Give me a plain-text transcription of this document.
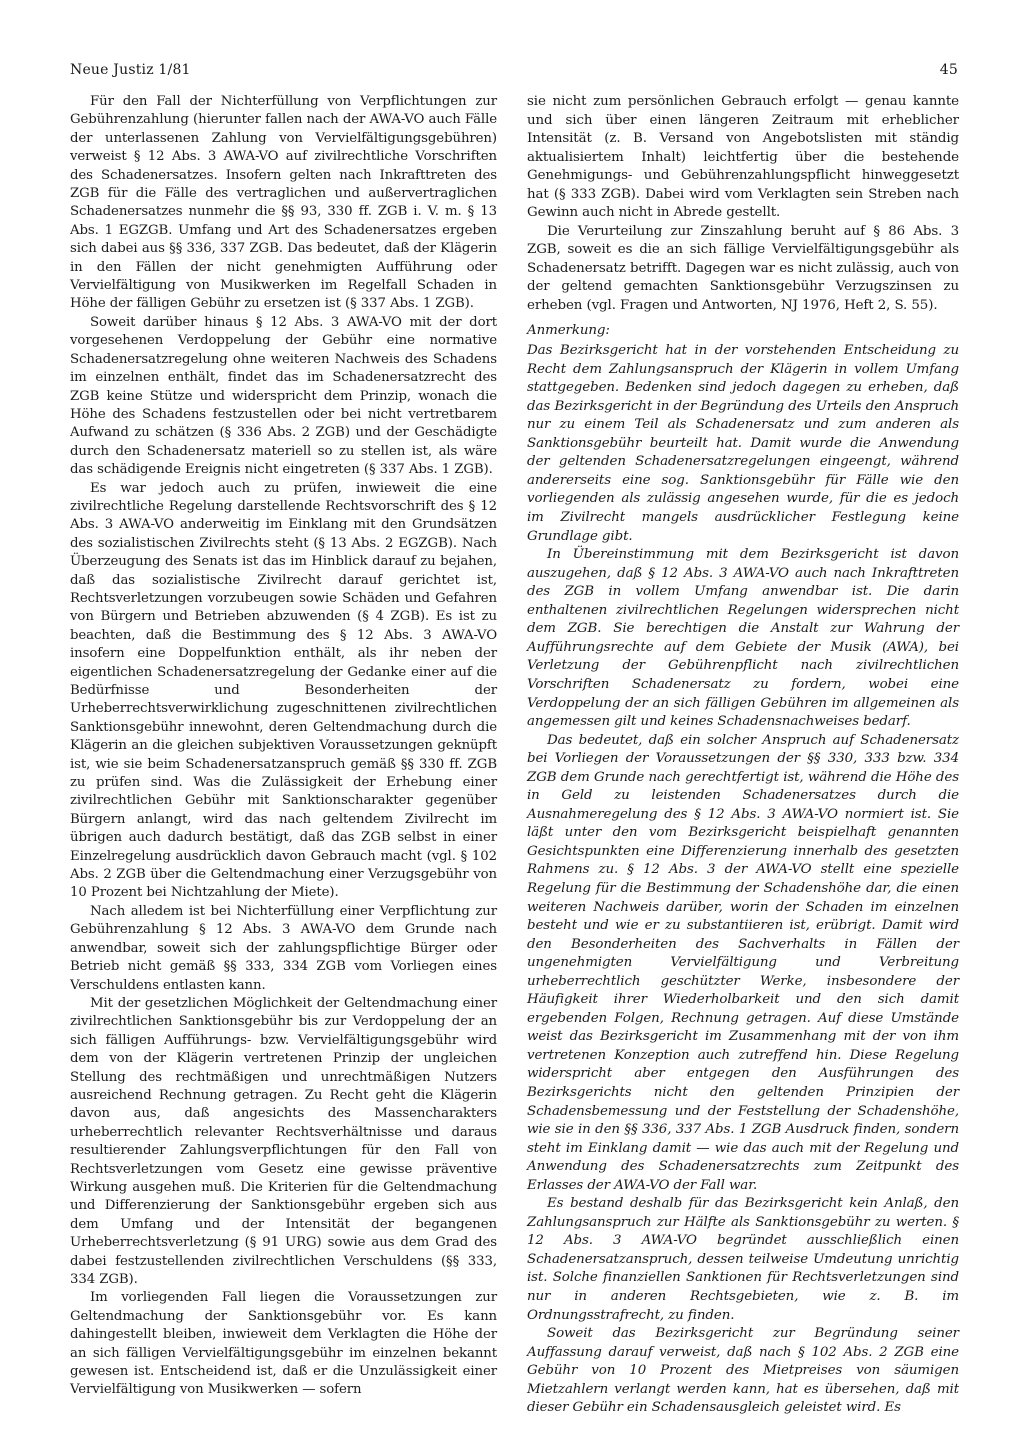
Neue Justiz 1/81	45

Für den Fall der Nichterfüllung von Verpflichtungen zur Gebührenzahlung (hierunter fallen nach der AWA-VO auch Fälle der unterlassenen Zahlung von Vervielfältigungsgebühren) verweist § 12 Abs. 3 AWA-VO auf zivilrechtliche Vorschriften des Schadenersatzes. Insofern gelten nach Inkrafttreten des ZGB für die Fälle des vertraglichen und außervertraglichen Schadenersatzes nunmehr die §§ 93, 330 ff. ZGB i. V. m. § 13 Abs. 1 EGZGB. Umfang und Art des Schadenersatzes ergeben sich dabei aus §§ 336, 337 ZGB. Das bedeutet, daß der Klägerin in den Fällen der nicht genehmigten Aufführung oder Vervielfältigung von Musikwerken im Regelfall Schaden in Höhe der fälligen Gebühr zu ersetzen ist (§ 337 Abs. 1 ZGB).

Soweit darüber hinaus § 12 Abs. 3 AWA-VO mit der dort vorgesehenen Verdoppelung der Gebühr eine normative Schadenersatzregelung ohne weiteren Nachweis des Schadens im einzelnen enthält, findet das im Schadenersatzrecht des ZGB keine Stütze und widerspricht dem Prinzip, wonach die Höhe des Schadens festzustellen oder bei nicht vertretbarem Aufwand zu schätzen (§ 336 Abs. 2 ZGB) und der Geschädigte durch den Schadenersatz materiell so zu stellen ist, als wäre das schädigende Ereignis nicht eingetreten (§ 337 Abs. 1 ZGB).

Es war jedoch auch zu prüfen, inwieweit die eine zivilrechtliche Regelung darstellende Rechtsvorschrift des § 12 Abs. 3 AWA-VO anderweitig im Einklang mit den Grundsätzen des sozialistischen Zivilrechts steht (§ 13 Abs. 2 EGZGB). Nach Überzeugung des Senats ist das im Hinblick darauf zu bejahen, daß das sozialistische Zivilrecht darauf gerichtet ist, Rechtsverletzungen vorzubeugen sowie Schäden und Gefahren von Bürgern und Betrieben abzuwenden (§ 4 ZGB). Es ist zu beachten, daß die Bestimmung des § 12 Abs. 3 AWA-VO insofern eine Doppelfunktion enthält, als ihr neben der eigentlichen Schadenersatzregelung der Gedanke einer auf die Bedürfnisse und Besonderheiten der Urheberrechtsverwirklichung zugeschnittenen zivilrechtlichen Sanktionsgebühr innewohnt, deren Geltendmachung durch die Klägerin an die gleichen subjektiven Voraussetzungen geknüpft ist, wie sie beim Schadenersatzanspruch gemäß §§ 330 ff. ZGB zu prüfen sind. Was die Zulässigkeit der Erhebung einer zivilrechtlichen Gebühr mit Sanktionscharakter gegenüber Bürgern anlangt, wird das nach geltendem Zivilrecht im übrigen auch dadurch bestätigt, daß das ZGB selbst in einer Einzelregelung ausdrücklich davon Gebrauch macht (vgl. § 102 Abs. 2 ZGB über die Geltendmachung einer Verzugsgebühr von 10 Prozent bei Nichtzahlung der Miete).

Nach alledem ist bei Nichterfüllung einer Verpflichtung zur Gebührenzahlung § 12 Abs. 3 AWA-VO dem Grunde nach anwendbar, soweit sich der zahlungspflichtige Bürger oder Betrieb nicht gemäß §§ 333, 334 ZGB vom Vorliegen eines Verschuldens entlasten kann.

Mit der gesetzlichen Möglichkeit der Geltendmachung einer zivilrechtlichen Sanktionsgebühr bis zur Verdoppelung der an sich fälligen Aufführungs- bzw. Vervielfältigungsgebühr wird dem von der Klägerin vertretenen Prinzip der ungleichen Stellung des rechtmäßigen und unrechtmäßigen Nutzers ausreichend Rechnung getragen. Zu Recht geht die Klägerin davon aus, daß angesichts des Massencharakters urheberrechtlich relevanter Rechtsverhältnisse und daraus resultierender Zahlungsverpflichtungen für den Fall von Rechtsverletzungen vom Gesetz eine gewisse präventive Wirkung ausgehen muß. Die Kriterien für die Geltendmachung und Differenzierung der Sanktionsgebühr ergeben sich aus dem Umfang und der Intensität der begangenen Urheberrechtsverletzung (§ 91 URG) sowie aus dem Grad des dabei festzustellenden zivilrechtlichen Verschuldens (§§ 333, 334 ZGB).

Im vorliegenden Fall liegen die Voraussetzungen zur Geltendmachung der Sanktionsgebühr vor. Es kann dahingestellt bleiben, inwieweit dem Verklagten die Höhe der an sich fälligen Vervielfältigungsgebühr im einzelnen bekannt gewesen ist. Entscheidend ist, daß er die Unzulässigkeit einer Vervielfältigung von Musikwerken — sofern

sie nicht zum persönlichen Gebrauch erfolgt — genau kannte und sich über einen längeren Zeitraum mit erheblicher Intensität (z. B. Versand von Angebotslisten mit ständig aktualisiertem Inhalt) leichtfertig über die bestehende Genehmigungs- und Gebührenzahlungspflicht hinweggesetzt hat (§ 333 ZGB). Dabei wird vom Verklagten sein Streben nach Gewinn auch nicht in Abrede gestellt.

Die Verurteilung zur Zinszahlung beruht auf § 86 Abs. 3 ZGB, soweit es die an sich fällige Vervielfältigungsgebühr als Schadenersatz betrifft. Dagegen war es nicht zulässig, auch von der geltend gemachten Sanktionsgebühr Verzugszinsen zu erheben (vgl. Fragen und Antworten, NJ 1976, Heft 2, S. 55).

Anmerkung:

Das Bezirksgericht hat in der vorstehenden Entscheidung zu Recht dem Zahlungsanspruch der Klägerin in vollem Umfang stattgegeben. Bedenken sind jedoch dagegen zu erheben, daß das Bezirksgericht in der Begründung des Urteils den Anspruch nur zu einem Teil als Schadenersatz und zum anderen als Sanktionsgebühr beurteilt hat. Damit wurde die Anwendung der geltenden Schadenersatzregelungen eingeengt, während andererseits eine sog. Sanktionsgebühr für Fälle wie den vorliegenden als zulässig angesehen wurde, für die es jedoch im Zivilrecht mangels ausdrücklicher Festlegung keine Grundlage gibt.

In Übereinstimmung mit dem Bezirksgericht ist davon auszugehen, daß § 12 Abs. 3 AWA-VO auch nach Inkrafttreten des ZGB in vollem Umfang anwendbar ist. Die darin enthaltenen zivilrechtlichen Regelungen widersprechen nicht dem ZGB. Sie berechtigen die Anstalt zur Wahrung der Aufführungsrechte auf dem Gebiete der Musik (AWA), bei Verletzung der Gebührenpflicht nach zivilrechtlichen Vorschriften Schadenersatz zu fordern, wobei eine Verdoppelung der an sich fälligen Gebühren im allgemeinen als angemessen gilt und keines Schadensnachweises bedarf.

Das bedeutet, daß ein solcher Anspruch auf Schadenersatz bei Vorliegen der Voraussetzungen der §§ 330, 333 bzw. 334 ZGB dem Grunde nach gerechtfertigt ist, während die Höhe des in Geld zu leistenden Schadenersatzes durch die Ausnahmeregelung des § 12 Abs. 3 AWA-VO normiert ist. Sie läßt unter den vom Bezirksgericht beispielhaft genannten Gesichtspunkten eine Differenzierung innerhalb des gesetzten Rahmens zu. § 12 Abs. 3 der AWA-VO stellt eine spezielle Regelung für die Bestimmung der Schadenshöhe dar, die einen weiteren Nachweis darüber, worin der Schaden im einzelnen besteht und wie er zu substantiieren ist, erübrigt. Damit wird den Besonderheiten des Sachverhalts in Fällen der ungenehmigten Vervielfältigung und Verbreitung urheberrechtlich geschützter Werke, insbesondere der Häufigkeit ihrer Wiederholbarkeit und den sich damit ergebenden Folgen, Rechnung getragen. Auf diese Umstände weist das Bezirksgericht im Zusammenhang mit der von ihm vertretenen Konzeption auch zutreffend hin. Diese Regelung widerspricht aber entgegen den Ausführungen des Bezirksgerichts nicht den geltenden Prinzipien der Schadensbemessung und der Feststellung der Schadenshöhe, wie sie in den §§ 336, 337 Abs. 1 ZGB Ausdruck finden, sondern steht im Einklang damit — wie das auch mit der Regelung und Anwendung des Schadenersatzrechts zum Zeitpunkt des Erlasses der AWA-VO der Fall war.

Es bestand deshalb für das Bezirksgericht kein Anlaß, den Zahlungsanspruch zur Hälfte als Sanktionsgebühr zu werten. § 12 Abs. 3 AWA-VO begründet ausschließlich einen Schadenersatzanspruch, dessen teilweise Umdeutung unrichtig ist. Solche finanziellen Sanktionen für Rechtsverletzungen sind nur in anderen Rechtsgebieten, wie z. B. im Ordnungsstrafrecht, zu finden.

Soweit das Bezirksgericht zur Begründung seiner Auffassung darauf verweist, daß nach § 102 Abs. 2 ZGB eine Gebühr von 10 Prozent des Mietpreises von säumigen Mietzahlern verlangt werden kann, hat es übersehen, daß mit dieser Gebühr ein Schadensausgleich geleistet wird. Es
